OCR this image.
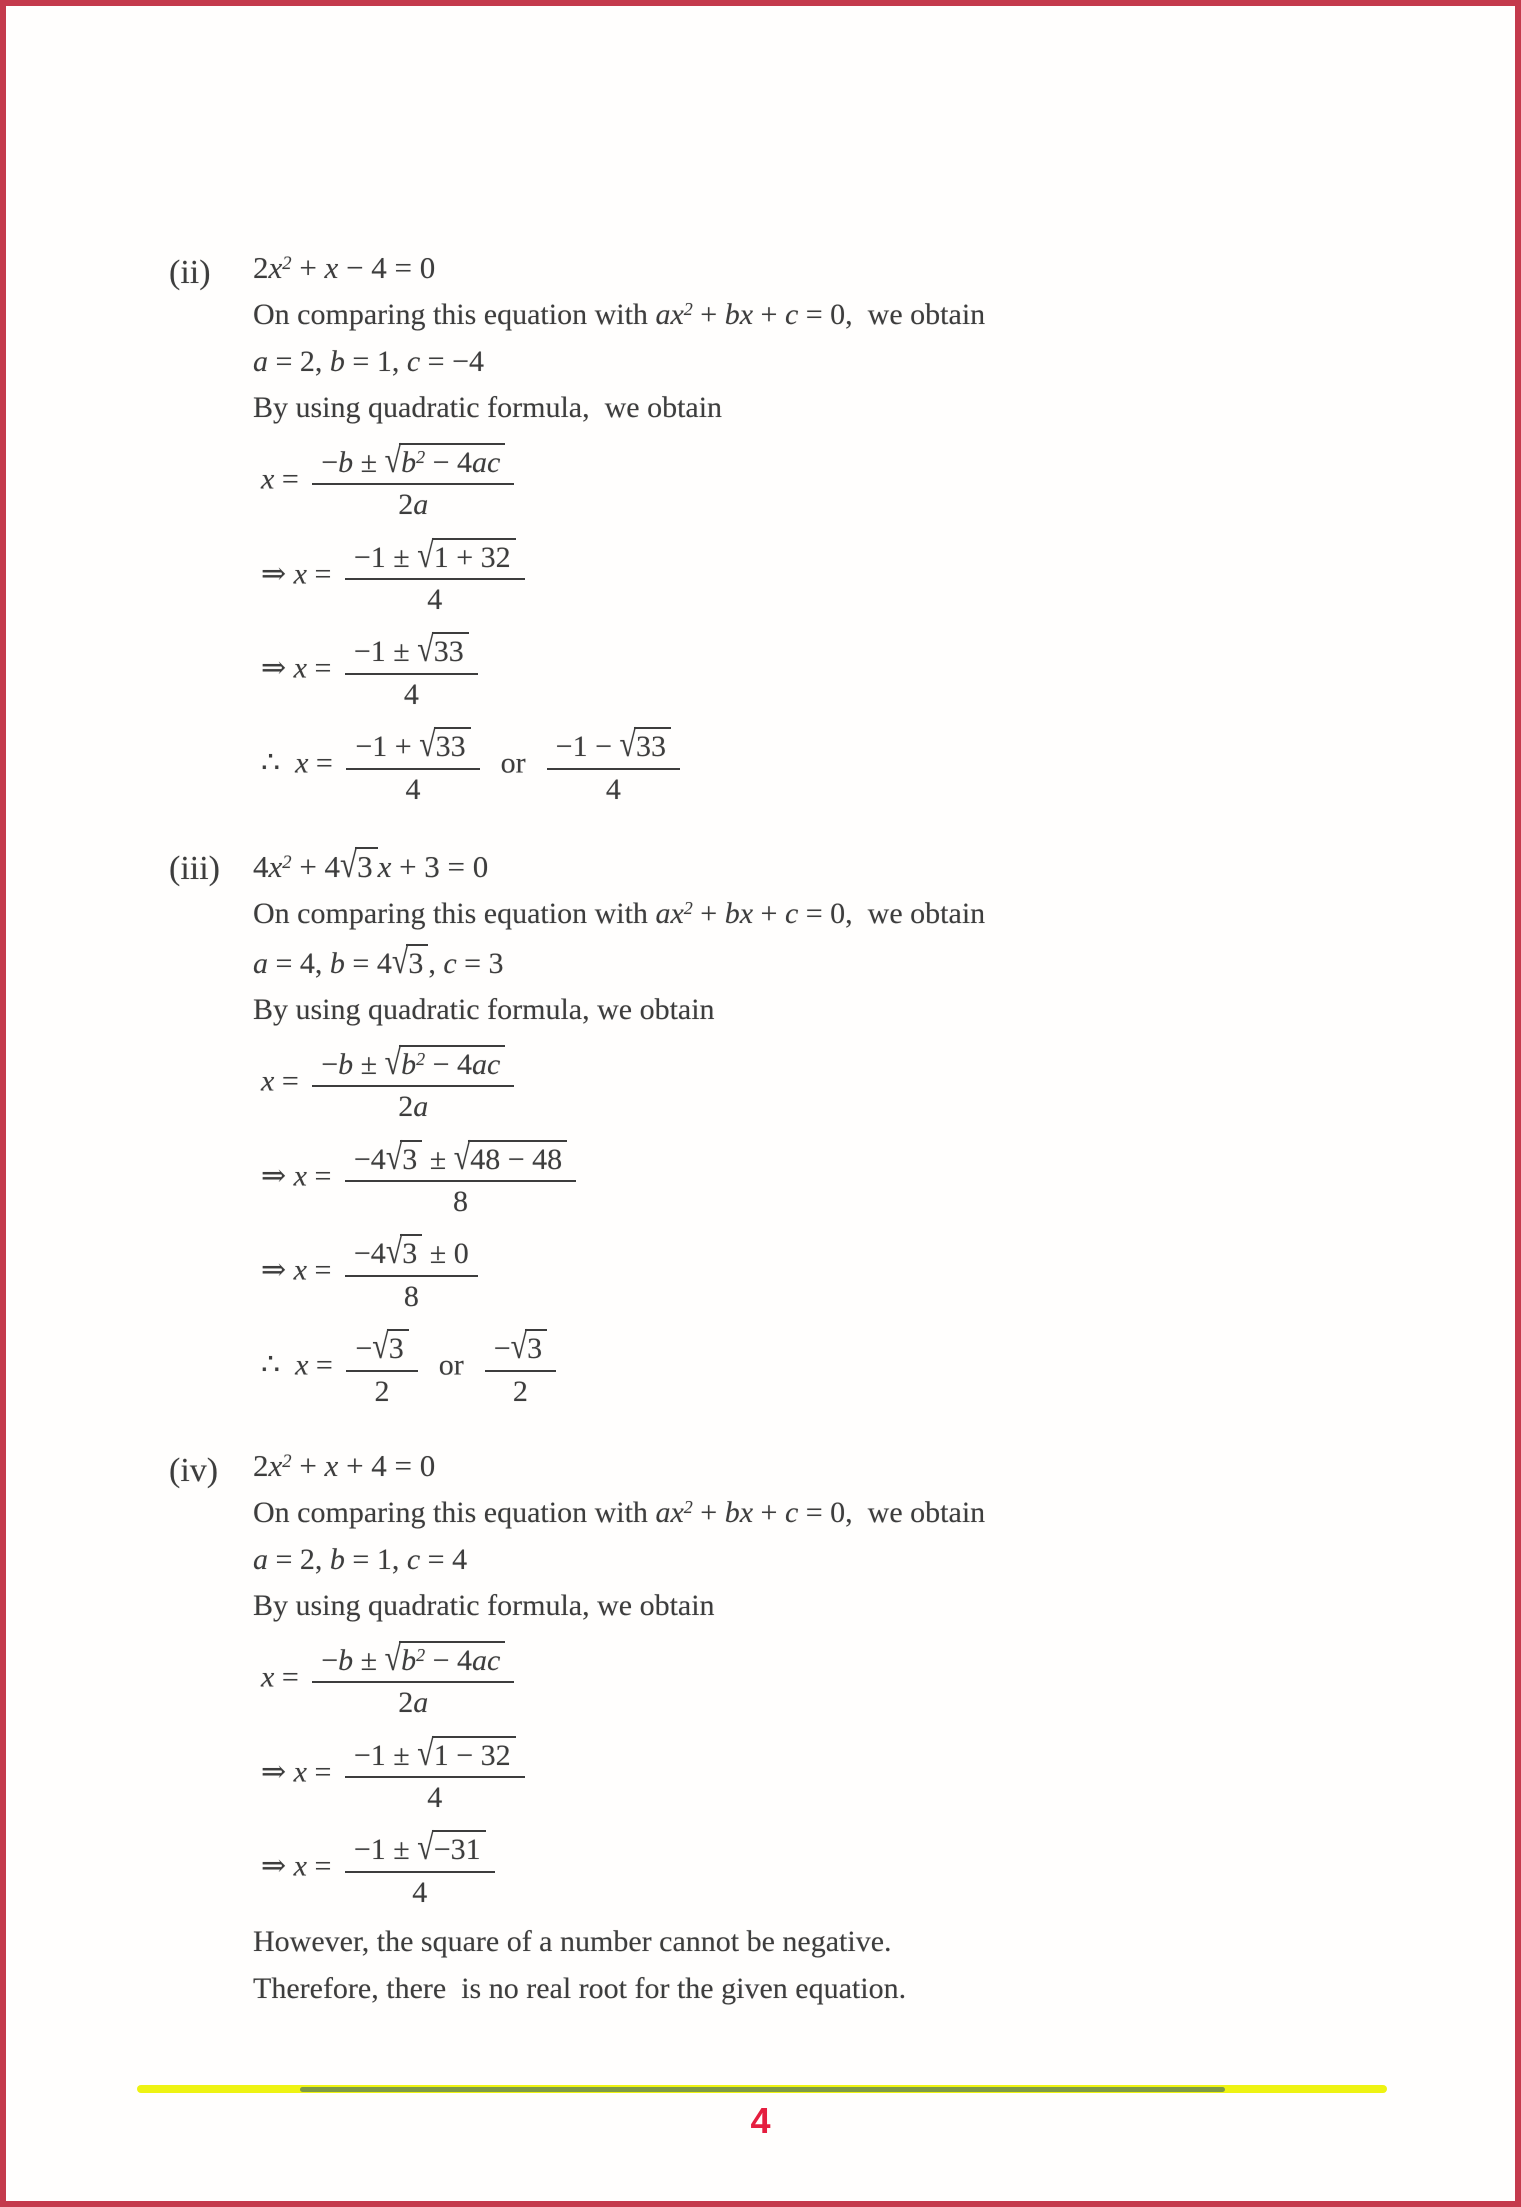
(ii)	$2x^2 + x - 4 = 0$
On comparing this equation with $ax^2$ + bx + c = 0,  we obtain
a = 2, b = 1, c = −4
By using quadratic formula,  we obtain
$x = \frac{-b \pm √b^2 - 4ac}{2a}$
⇒ $x = \frac{-1 \pm √1 + 32}{4}$
⇒ $x = \frac{-1 \pm √33}{4}$
∴  $x = \frac{-1 + √33}{4}$ or $\frac{-1 - √33}{4}$
(iii)	$4x^2 + 4√3$ x + 3 = 0
On comparing this equation with $ax^2$ + bx + c = 0,  we obtain
a = 4, b = 4√3 , c = 3
By using quadratic formula, we obtain
$x = \frac{-b \pm √b^2 - 4ac}{2a}$
⇒ $x = \frac{-4√3 \pm √48 - 48}{8}$
⇒ $x = \frac{-4√3 \pm 0}{8}$
∴  $x = \frac{-√3}{2}$ or $\frac{-√3}{2}$
(iv)	$2x^2 + x + 4 = 0$
On comparing this equation with $ax^2$ + bx + c = 0,  we obtain
a = 2, b = 1, c = 4
By using quadratic formula, we obtain
$x = \frac{-b \pm √b^2 - 4ac}{2a}$
⇒ $x = \frac{-1 \pm √1 - 32}{4}$
⇒ $x = \frac{-1 \pm √-31}{4}$
However, the square of a number cannot be negative.
Therefore, there  is no real root for the given equation.
4
